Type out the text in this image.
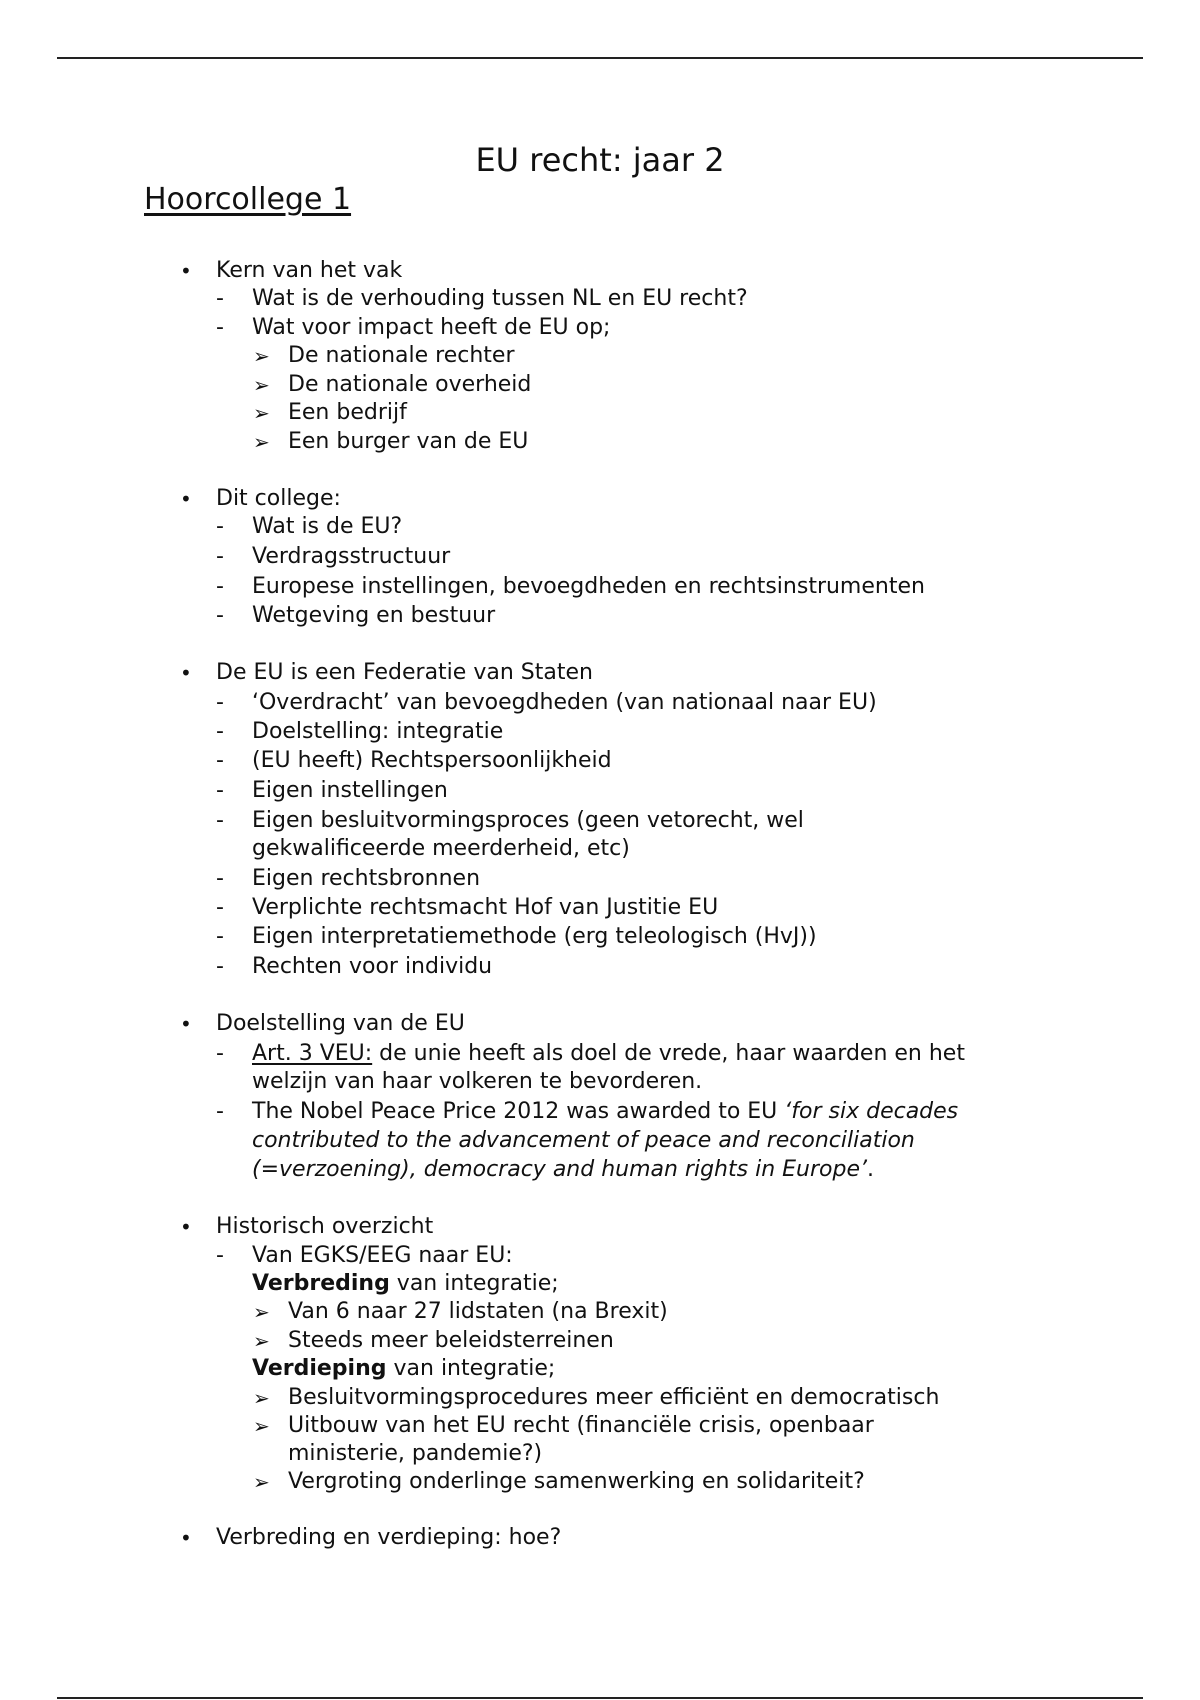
EU recht: jaar 2
Hoorcollege 1
• Kern van het vak
- Wat is de verhouding tussen NL en EU recht?
- Wat voor impact heeft de EU op;
➢ De nationale rechter
➢ De nationale overheid
➢ Een bedrijf
➢ Een burger van de EU
• Dit college:
- Wat is de EU?
- Verdragsstructuur
- Europese instellingen, bevoegdheden en rechtsinstrumenten
- Wetgeving en bestuur
• De EU is een Federatie van Staten
- ‘Overdracht’ van bevoegdheden (van nationaal naar EU)
- Doelstelling: integratie
- (EU heeft) Rechtspersoonlijkheid
- Eigen instellingen
- Eigen besluitvormingsproces (geen vetorecht, wel
gekwalificeerde meerderheid, etc)
- Eigen rechtsbronnen
- Verplichte rechtsmacht Hof van Justitie EU
- Eigen interpretatiemethode (erg teleologisch (HvJ))
- Rechten voor individu
• Doelstelling van de EU
- Art. 3 VEU: de unie heeft als doel de vrede, haar waarden en het
welzijn van haar volkeren te bevorderen.
- The Nobel Peace Price 2012 was awarded to EU ‘for six decades
contributed to the advancement of peace and reconciliation
(=verzoening), democracy and human rights in Europe’.
• Historisch overzicht
- Van EGKS/EEG naar EU:
Verbreding van integratie;
➢ Van 6 naar 27 lidstaten (na Brexit)
➢ Steeds meer beleidsterreinen
Verdieping van integratie;
➢ Besluitvormingsprocedures meer efficiënt en democratisch
➢ Uitbouw van het EU recht (financiële crisis, openbaar
ministerie, pandemie?)
➢ Vergroting onderlinge samenwerking en solidariteit?
• Verbreding en verdieping: hoe?
